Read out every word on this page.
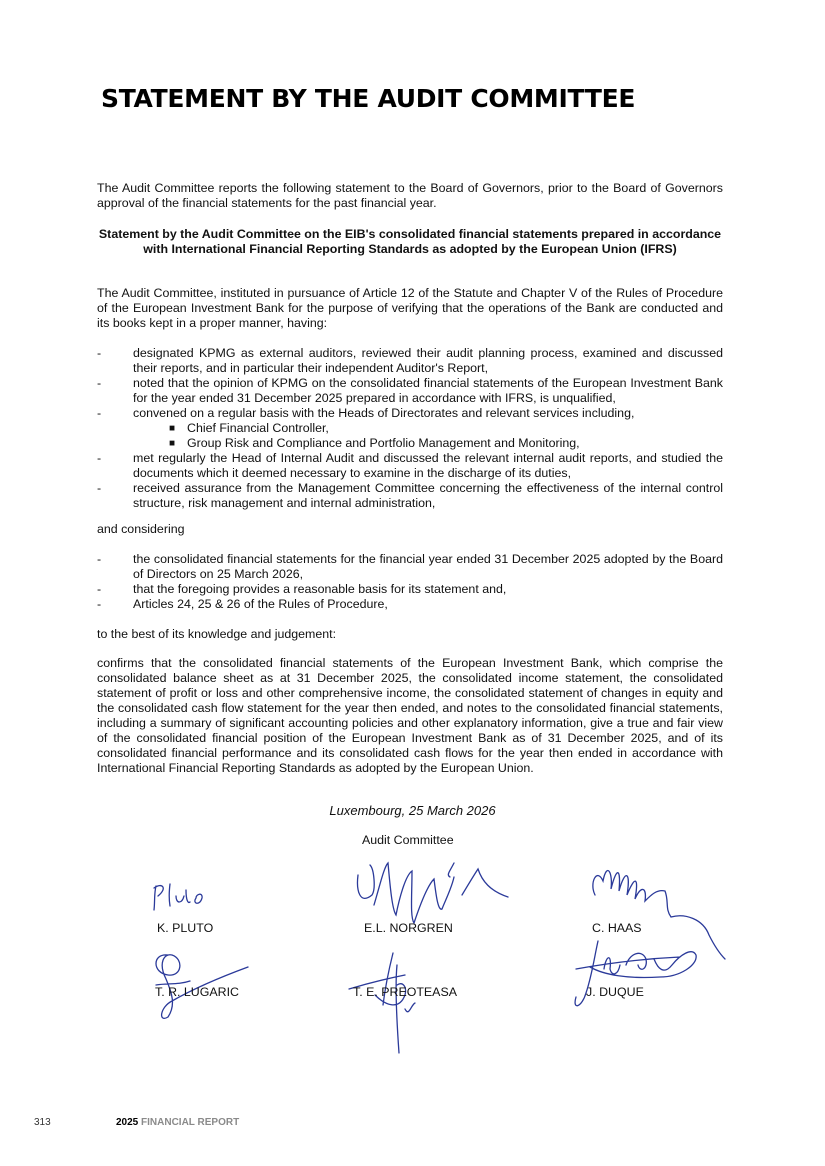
STATEMENT BY THE AUDIT COMMITTEE
The Audit Committee reports the following statement to the Board of Governors, prior to the Board of Governors approval of the financial statements for the past financial year.
Statement by the Audit Committee on the EIB's consolidated financial statements prepared in accordance with International Financial Reporting Standards as adopted by the European Union (IFRS)
The Audit Committee, instituted in pursuance of Article 12 of the Statute and Chapter V of the Rules of Procedure of the European Investment Bank for the purpose of verifying that the operations of the Bank are conducted and its books kept in a proper manner, having:
-	designated KPMG as external auditors, reviewed their audit planning process, examined and discussed their reports, and in particular their independent Auditor's Report,
-	noted that the opinion of KPMG on the consolidated financial statements of the European Investment Bank for the year ended 31 December 2025 prepared in accordance with IFRS, is unqualified,
-	convened on a regular basis with the Heads of Directorates and relevant services including,
■ Chief Financial Controller,
■ Group Risk and Compliance and Portfolio Management and Monitoring,
-	met regularly the Head of Internal Audit and discussed the relevant internal audit reports, and studied the documents which it deemed necessary to examine in the discharge of its duties,
-	received assurance from the Management Committee concerning the effectiveness of the internal control structure, risk management and internal administration,
and considering
-	the consolidated financial statements for the financial year ended 31 December 2025 adopted by the Board of Directors on 25 March 2026,
-	that the foregoing provides a reasonable basis for its statement and,
-	Articles 24, 25 & 26 of the Rules of Procedure,
to the best of its knowledge and judgement:
confirms that the consolidated financial statements of the European Investment Bank, which comprise the consolidated balance sheet as at 31 December 2025, the consolidated income statement, the consolidated statement of profit or loss and other comprehensive income, the consolidated statement of changes in equity and the consolidated cash flow statement for the year then ended, and notes to the consolidated financial statements, including a summary of significant accounting policies and other explanatory information, give a true and fair view of the consolidated financial position of the European Investment Bank as of 31 December 2025, and of its consolidated financial performance and its consolidated cash flows for the year then ended in accordance with International Financial Reporting Standards as adopted by the European Union.
Luxembourg, 25 March 2026
Audit Committee
K. PLUTO	E.L. NORGREN	C. HAAS
T. R. LUGARIC	T. E. PREOTEASA	J. DUQUE
313	2025 FINANCIAL REPORT
